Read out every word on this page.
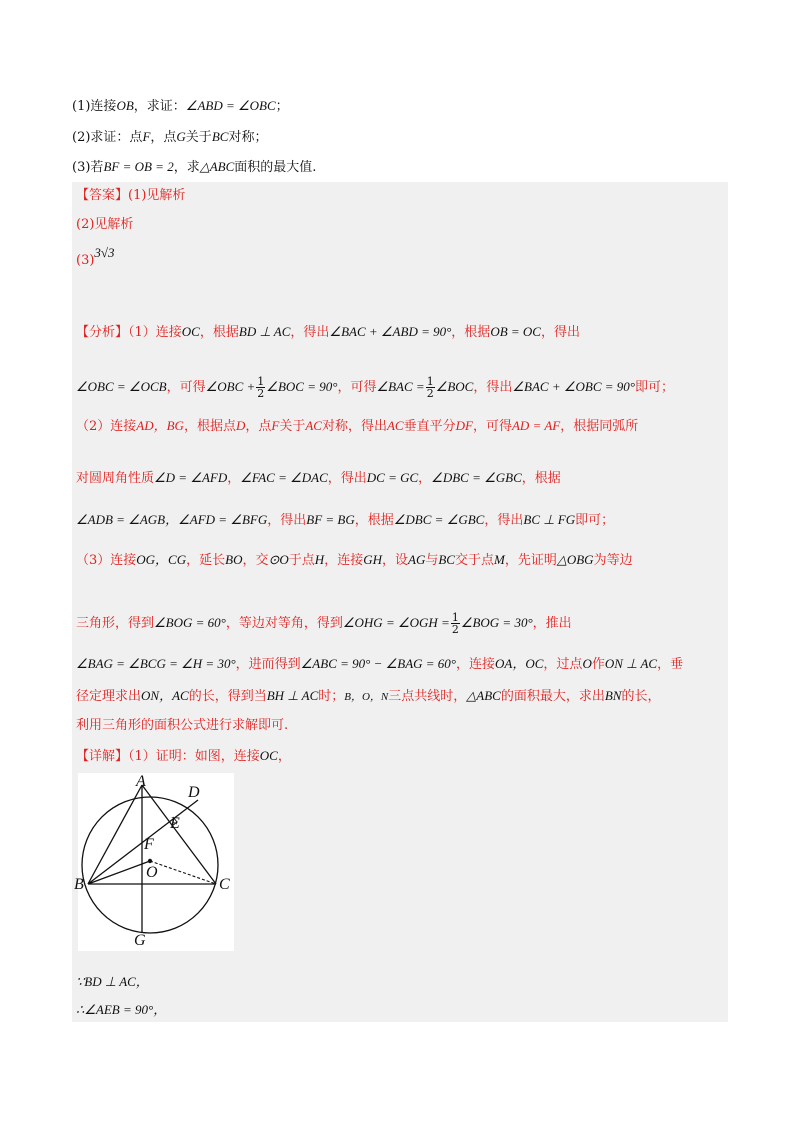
(1)连接OB，求证：∠ABD = ∠OBC；
(2)求证：点F，点G关于BC对称；
(3)若BF = OB = 2，求△ABC面积的最大值.
【答案】(1)见解析
(2)见解析
(3)3√3
【分析】（1）连接OC，根据BD ⊥ AC，得出∠BAC + ∠ABD = 90°，根据OB = OC，得出
∠OBC = ∠OCB，可得∠OBC + $\frac{1}{2}$ ∠BOC = 90°，可得∠BAC = $\frac{1}{2}$ ∠BOC，得出∠BAC + ∠OBC = 90°即可；
（2）连接AD，BG，根据点D，点F关于AC对称，得出AC垂直平分DF，可得AD = AF，根据同弧所
对圆周角性质∠D = ∠AFD，∠FAC = ∠DAC，得出DC = GC，∠DBC = ∠GBC，根据
∠ADB = ∠AGB，∠AFD = ∠BFG，得出BF = BG，根据∠DBC = ∠GBC，得出BC ⊥ FG即可；
（3）连接OG，CG，延长BO，交⊙O于点H，连接GH，设AG与BC交于点M，先证明△OBG为等边
三角形，得到∠BOG = 60°，等边对等角，得到∠OHG = ∠OGH = $\frac{1}{2}$ ∠BOG = 30°，推出
∠BAG = ∠BCG = ∠H = 30°，进而得到∠ABC = 90° − ∠BAG = 60°，连接OA，OC，过点O作ON ⊥ AC，垂
径定理求出ON，AC的长，得到当BH ⊥ AC时；B，O，N三点共线时，△ABC的面积最大，求出BN的长，
利用三角形的面积公式进行求解即可.
【详解】（1）证明：如图，连接OC，
A
D
E
F
O
B	C
G
∵BD ⊥ AC，
∴∠AEB = 90°，
